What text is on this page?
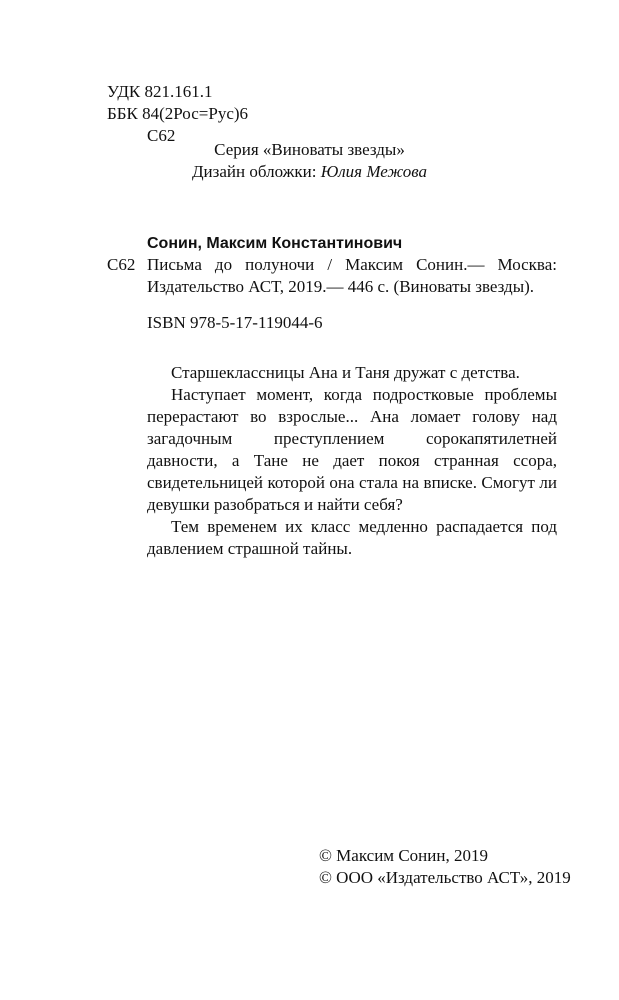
УДК 821.161.1
ББК 84(2Рос=Рус)6
С62
Серия «Виноваты звезды»
Дизайн обложки: Юлия Межова
Сонин, Максим Константинович
С62 Письма до полуночи / Максим Сонин.— Москва: Издательство АСТ, 2019.— 446 с. (Виноваты звезды).
ISBN 978-5-17-119044-6

Старшеклассницы Ана и Таня дружат с детства.

Наступает момент, когда подростковые проблемы перерастают во взрослые... Ана ломает голову над загадочным преступлением сорокапятилетней давности, а Тане не дает покоя странная ссора, свидетельницей которой она стала на вписке. Смогут ли девушки разобраться и найти себя?

Тем временем их класс медленно распадается под давлением страшной тайны.

© Максим Сонин, 2019
© ООО «Издательство АСТ», 2019
